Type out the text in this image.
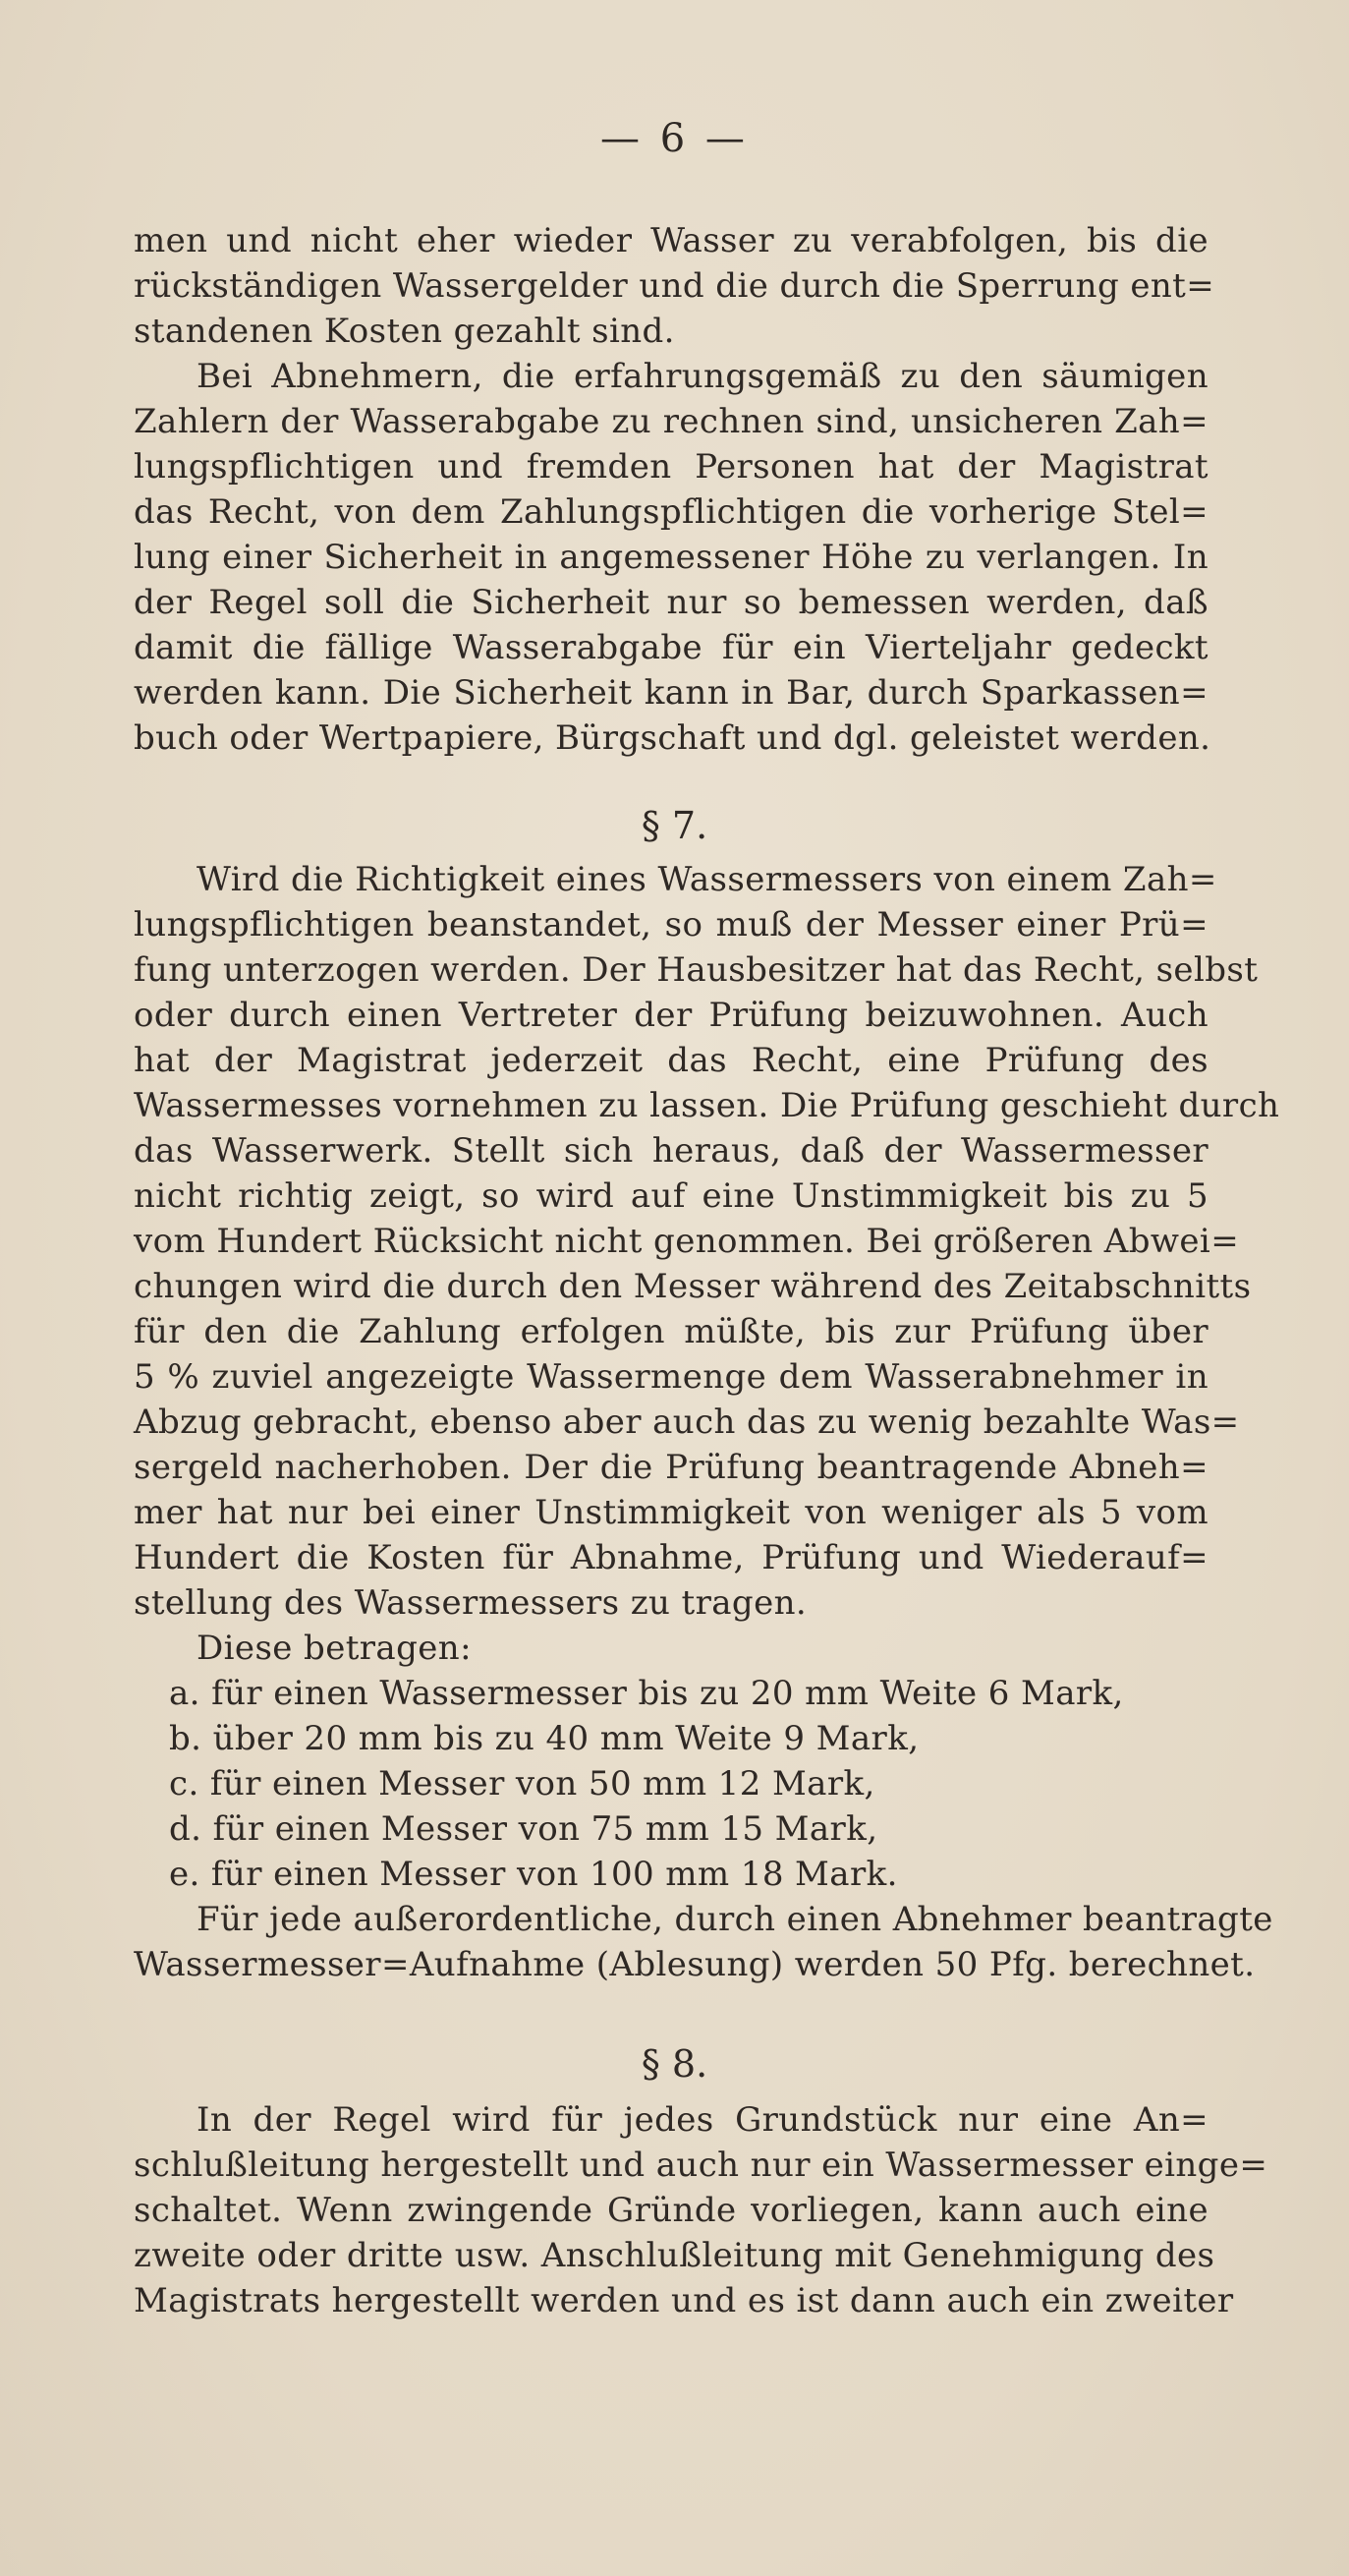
— 6 —
men und nicht eher wieder Wasser zu verabfolgen, bis die
rückständigen Wassergelder und die durch die Sperrung ent=
standenen Kosten gezahlt sind.
Bei Abnehmern, die erfahrungsgemäß zu den säumigen
Zahlern der Wasserabgabe zu rechnen sind, unsicheren Zah=
lungspflichtigen und fremden Personen hat der Magistrat
das Recht, von dem Zahlungspflichtigen die vorherige Stel=
lung einer Sicherheit in angemessener Höhe zu verlangen. In
der Regel soll die Sicherheit nur so bemessen werden, daß
damit die fällige Wasserabgabe für ein Vierteljahr gedeckt
werden kann. Die Sicherheit kann in Bar, durch Sparkassen=
buch oder Wertpapiere, Bürgschaft und dgl. geleistet werden.
§ 7.
Wird die Richtigkeit eines Wassermessers von einem Zah=
lungspflichtigen beanstandet, so muß der Messer einer Prü=
fung unterzogen werden. Der Hausbesitzer hat das Recht, selbst
oder durch einen Vertreter der Prüfung beizuwohnen. Auch
hat der Magistrat jederzeit das Recht, eine Prüfung des
Wassermesses vornehmen zu lassen. Die Prüfung geschieht durch
das Wasserwerk. Stellt sich heraus, daß der Wassermesser
nicht richtig zeigt, so wird auf eine Unstimmigkeit bis zu 5
vom Hundert Rücksicht nicht genommen. Bei größeren Abwei=
chungen wird die durch den Messer während des Zeitabschnitts
für den die Zahlung erfolgen müßte, bis zur Prüfung über
5 % zuviel angezeigte Wassermenge dem Wasserabnehmer in
Abzug gebracht, ebenso aber auch das zu wenig bezahlte Was=
sergeld nacherhoben. Der die Prüfung beantragende Abneh=
mer hat nur bei einer Unstimmigkeit von weniger als 5 vom
Hundert die Kosten für Abnahme, Prüfung und Wiederauf=
stellung des Wassermessers zu tragen.
Diese betragen:
a. für einen Wassermesser bis zu 20 mm Weite 6 Mark,
b. über 20 mm bis zu 40 mm Weite 9 Mark,
c. für einen Messer von 50 mm 12 Mark,
d. für einen Messer von 75 mm 15 Mark,
e. für einen Messer von 100 mm 18 Mark.
Für jede außerordentliche, durch einen Abnehmer beantragte
Wassermesser=Aufnahme (Ablesung) werden 50 Pfg. berechnet.
§ 8.
In der Regel wird für jedes Grundstück nur eine An=
schlußleitung hergestellt und auch nur ein Wassermesser einge=
schaltet. Wenn zwingende Gründe vorliegen, kann auch eine
zweite oder dritte usw. Anschlußleitung mit Genehmigung des
Magistrats hergestellt werden und es ist dann auch ein zweiter
